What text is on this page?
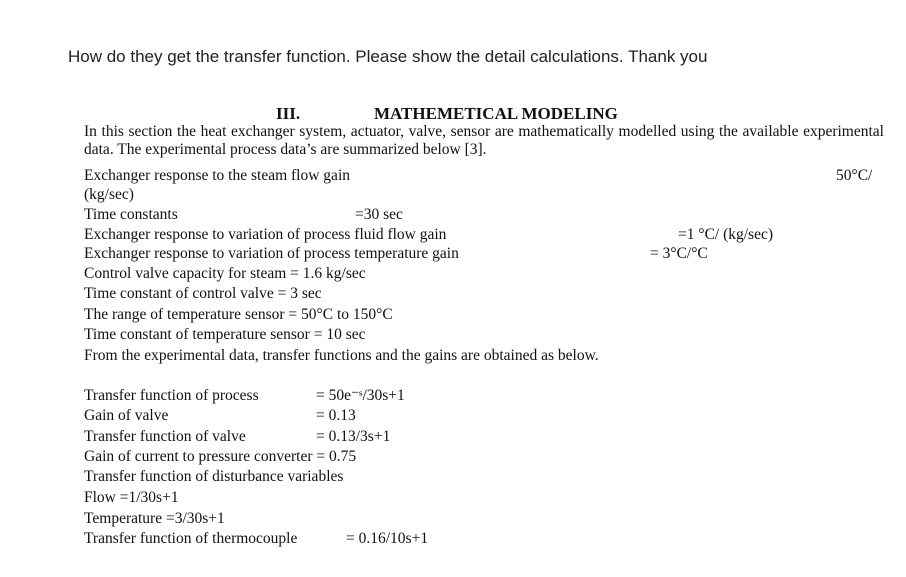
How do they get the transfer function. Please show the detail calculations. Thank you
III.	MATHEMETICAL MODELING
In this section the heat exchanger system, actuator, valve, sensor are mathematically modelled using the available experimental data. The experimental process data’s are summarized below [3].
Exchanger response to the steam flow gain	50°C/
(kg/sec)
Time constants	=30 sec
Exchanger response to variation of process fluid flow gain	=1 °C/ (kg/sec)
Exchanger response to variation of process temperature gain	= 3°C/°C
Control valve capacity for steam = 1.6 kg/sec
Time constant of control valve = 3 sec
The range of temperature sensor = 50°C to 150°C
Time constant of temperature sensor = 10 sec
From the experimental data, transfer functions and the gains are obtained as below.
Transfer function of process	= 50e⁻ˢ/30s+1
Gain of valve	= 0.13
Transfer function of valve	= 0.13/3s+1
Gain of current to pressure converter = 0.75
Transfer function of disturbance variables
Flow =1/30s+1
Temperature =3/30s+1
Transfer function of thermocouple	= 0.16/10s+1
